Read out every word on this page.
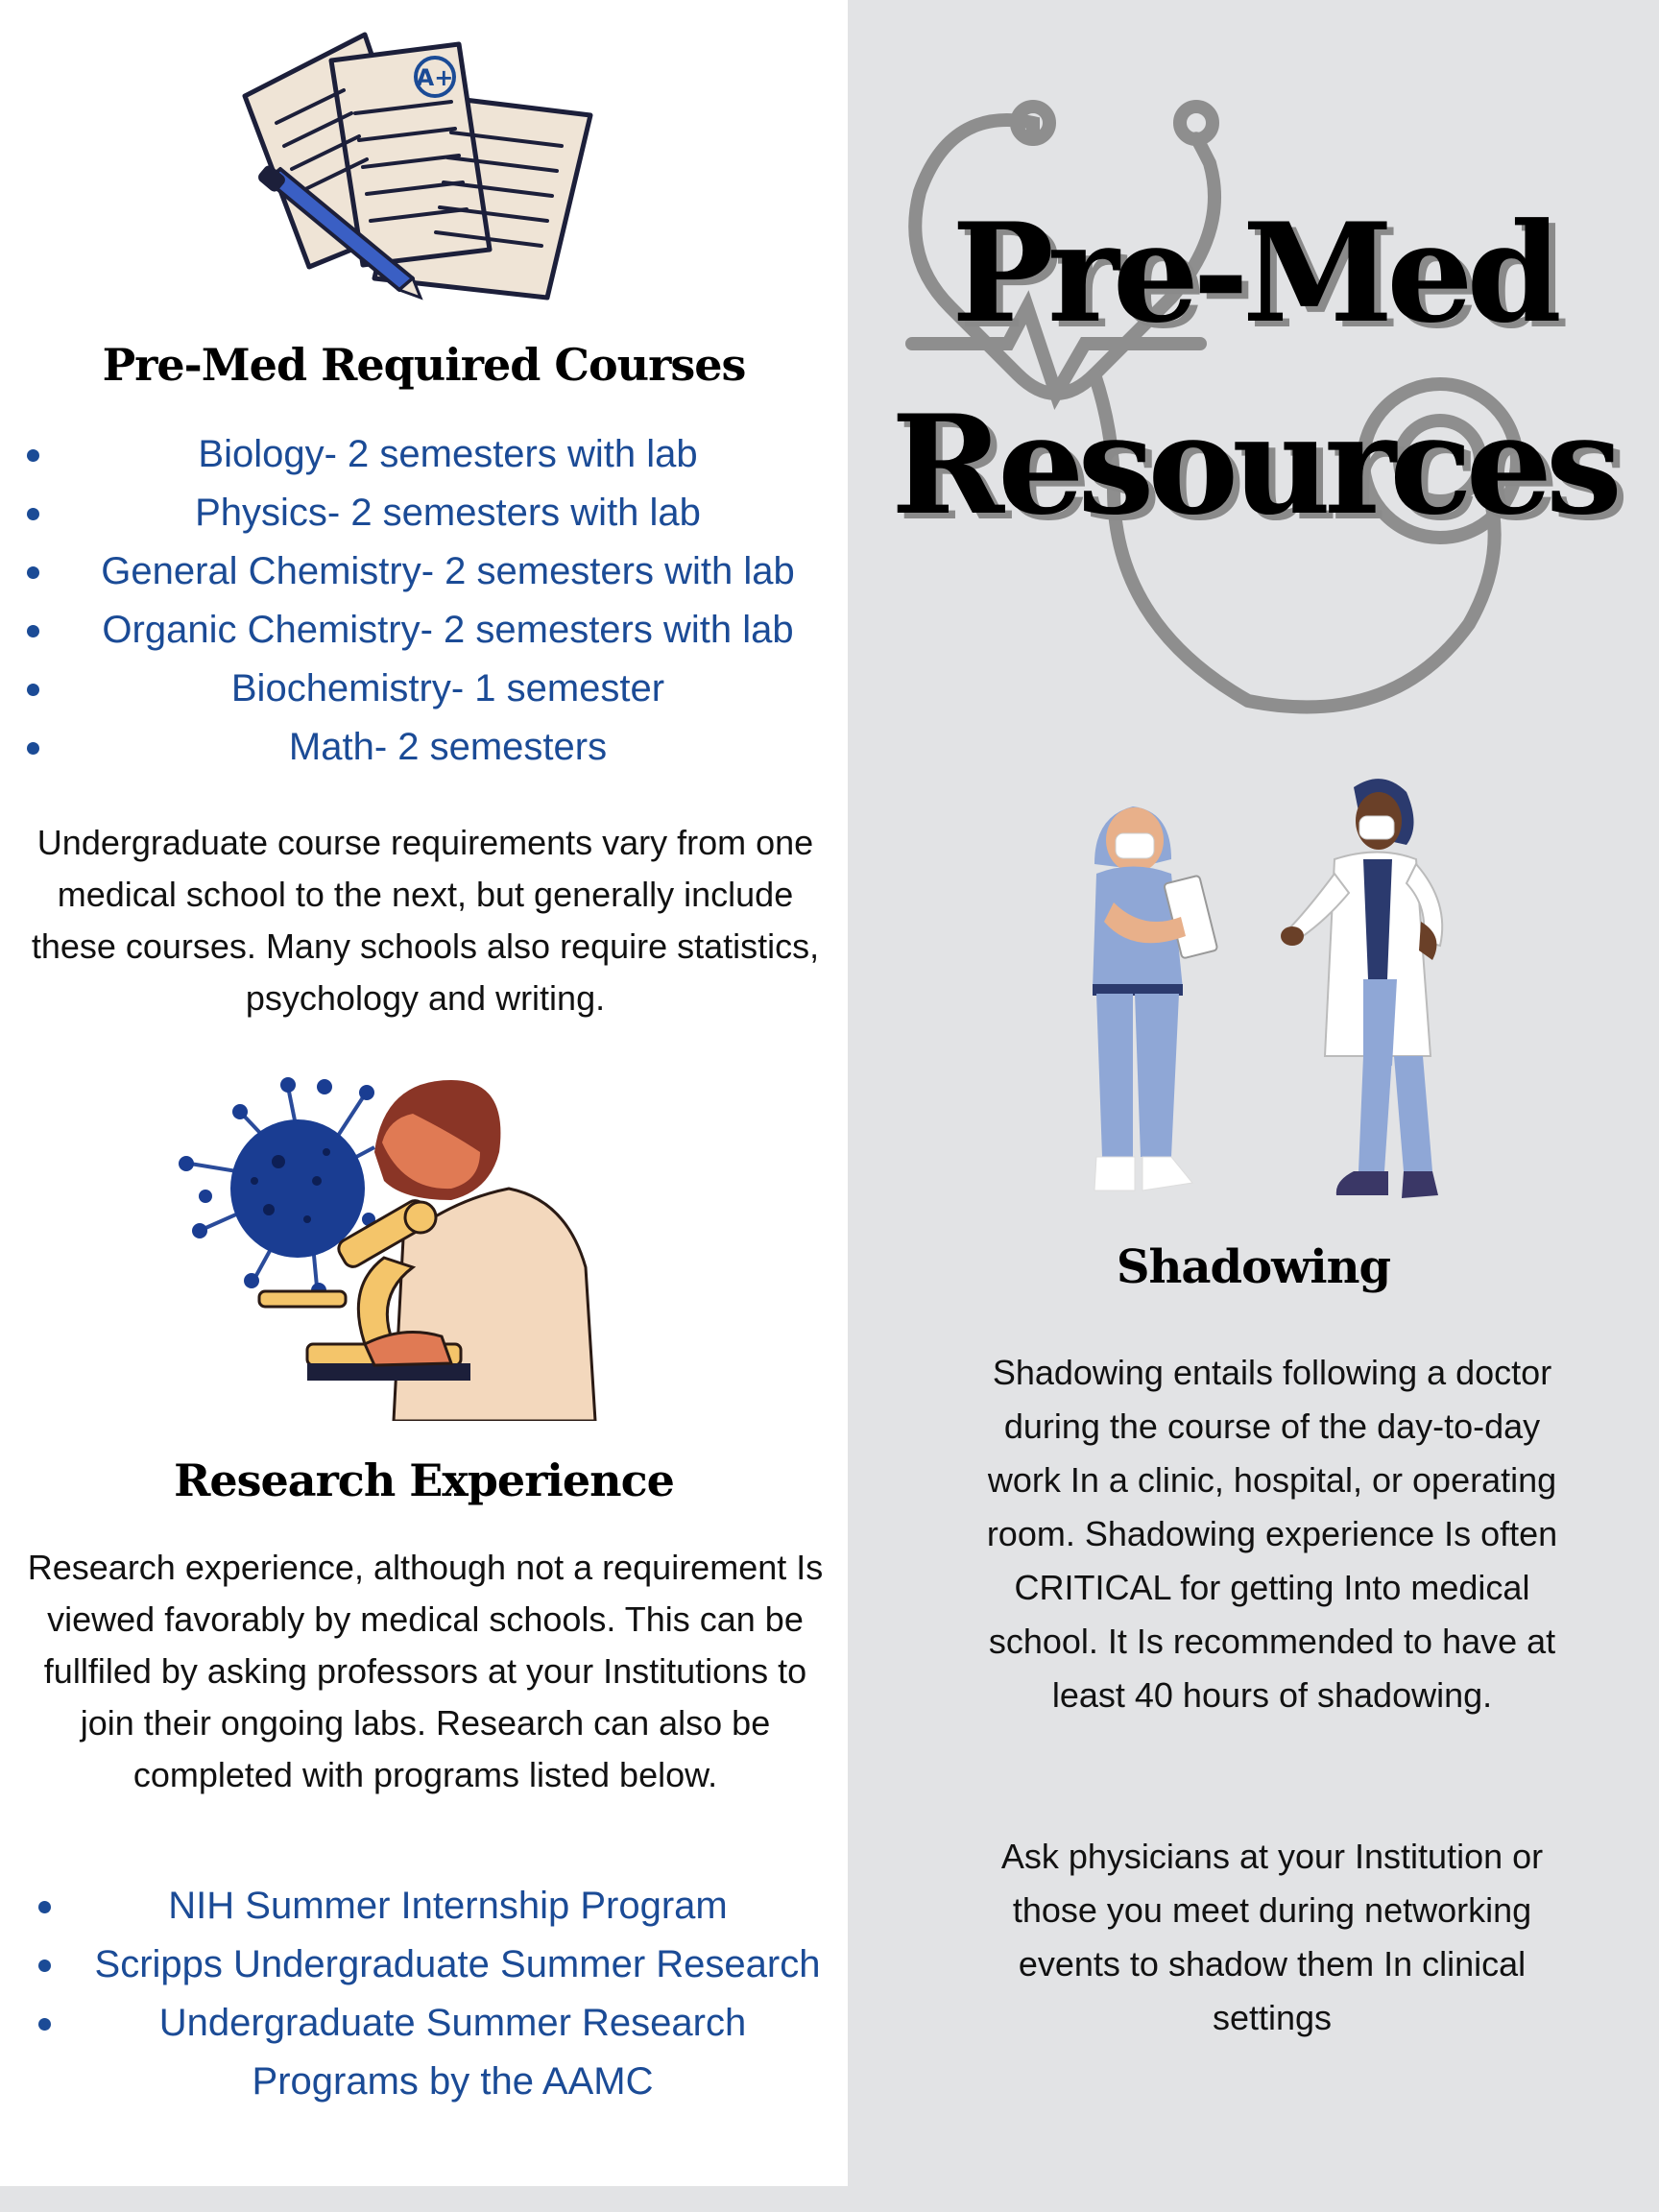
A+
Pre-Med Required Courses
Biology- 2 semesters with lab
Physics- 2 semesters with lab
General Chemistry- 2 semesters with lab
Organic Chemistry- 2 semesters with lab
Biochemistry- 1 semester
Math- 2 semesters

Undergraduate course requirements vary from one medical school to the next, but generally include these courses. Many schools also require statistics, psychology and writing.

Research Experience

Research experience, although not a requirement Is viewed favorably by medical schools. This can be fullfiled by asking professors at your Institutions to join their ongoing labs. Research can also be completed with programs listed below.

NIH Summer Internship Program
Scripps Undergraduate Summer Research
Undergraduate Summer Research Programs by the AAMC
Pre-Med
Resources
Shadowing

Shadowing entails following a doctor during the course of the day-to-day work In a clinic, hospital, or operating room. Shadowing experience Is often CRITICAL for getting Into medical school. It Is recommended to have at least 40 hours of shadowing.

Ask physicians at your Institution or those you meet during networking events to shadow them In clinical settings
